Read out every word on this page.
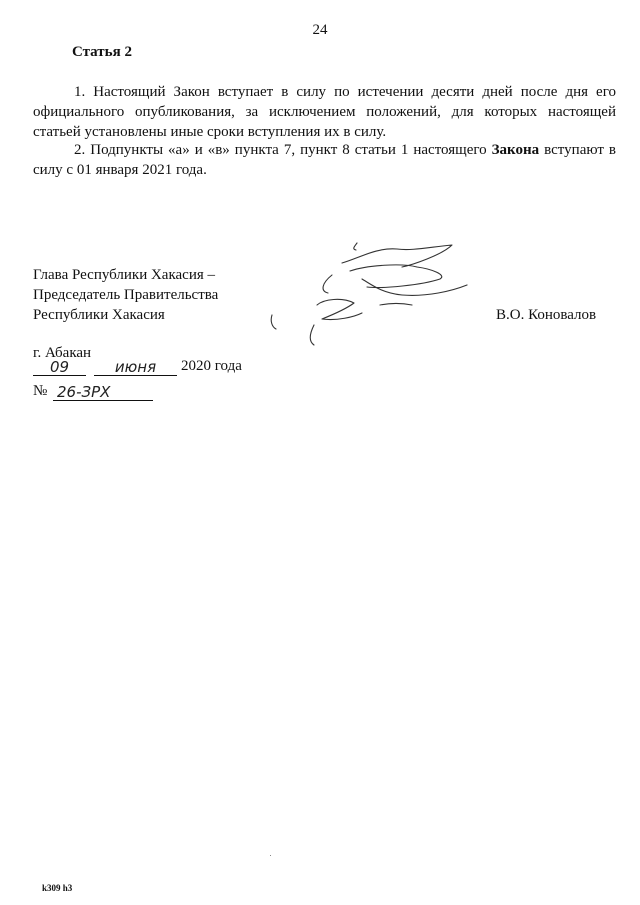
24
Статья 2
1. Настоящий Закон вступает в силу по истечении десяти дней после дня его официального опубликования, за исключением положений, для которых настоящей статьей установлены иные сроки вступления их в силу.
2. Подпункты «а» и «в» пункта 7, пункт 8 статьи 1 настоящего Закона вступают в силу с 01 января 2021 года.
Глава Республики Хакасия –
Председатель Правительства
Республики Хакасия	В.О. Коновалов
г. Абакан
09	июня	2020 года
№ 26-ЗРХ
k309 h3
